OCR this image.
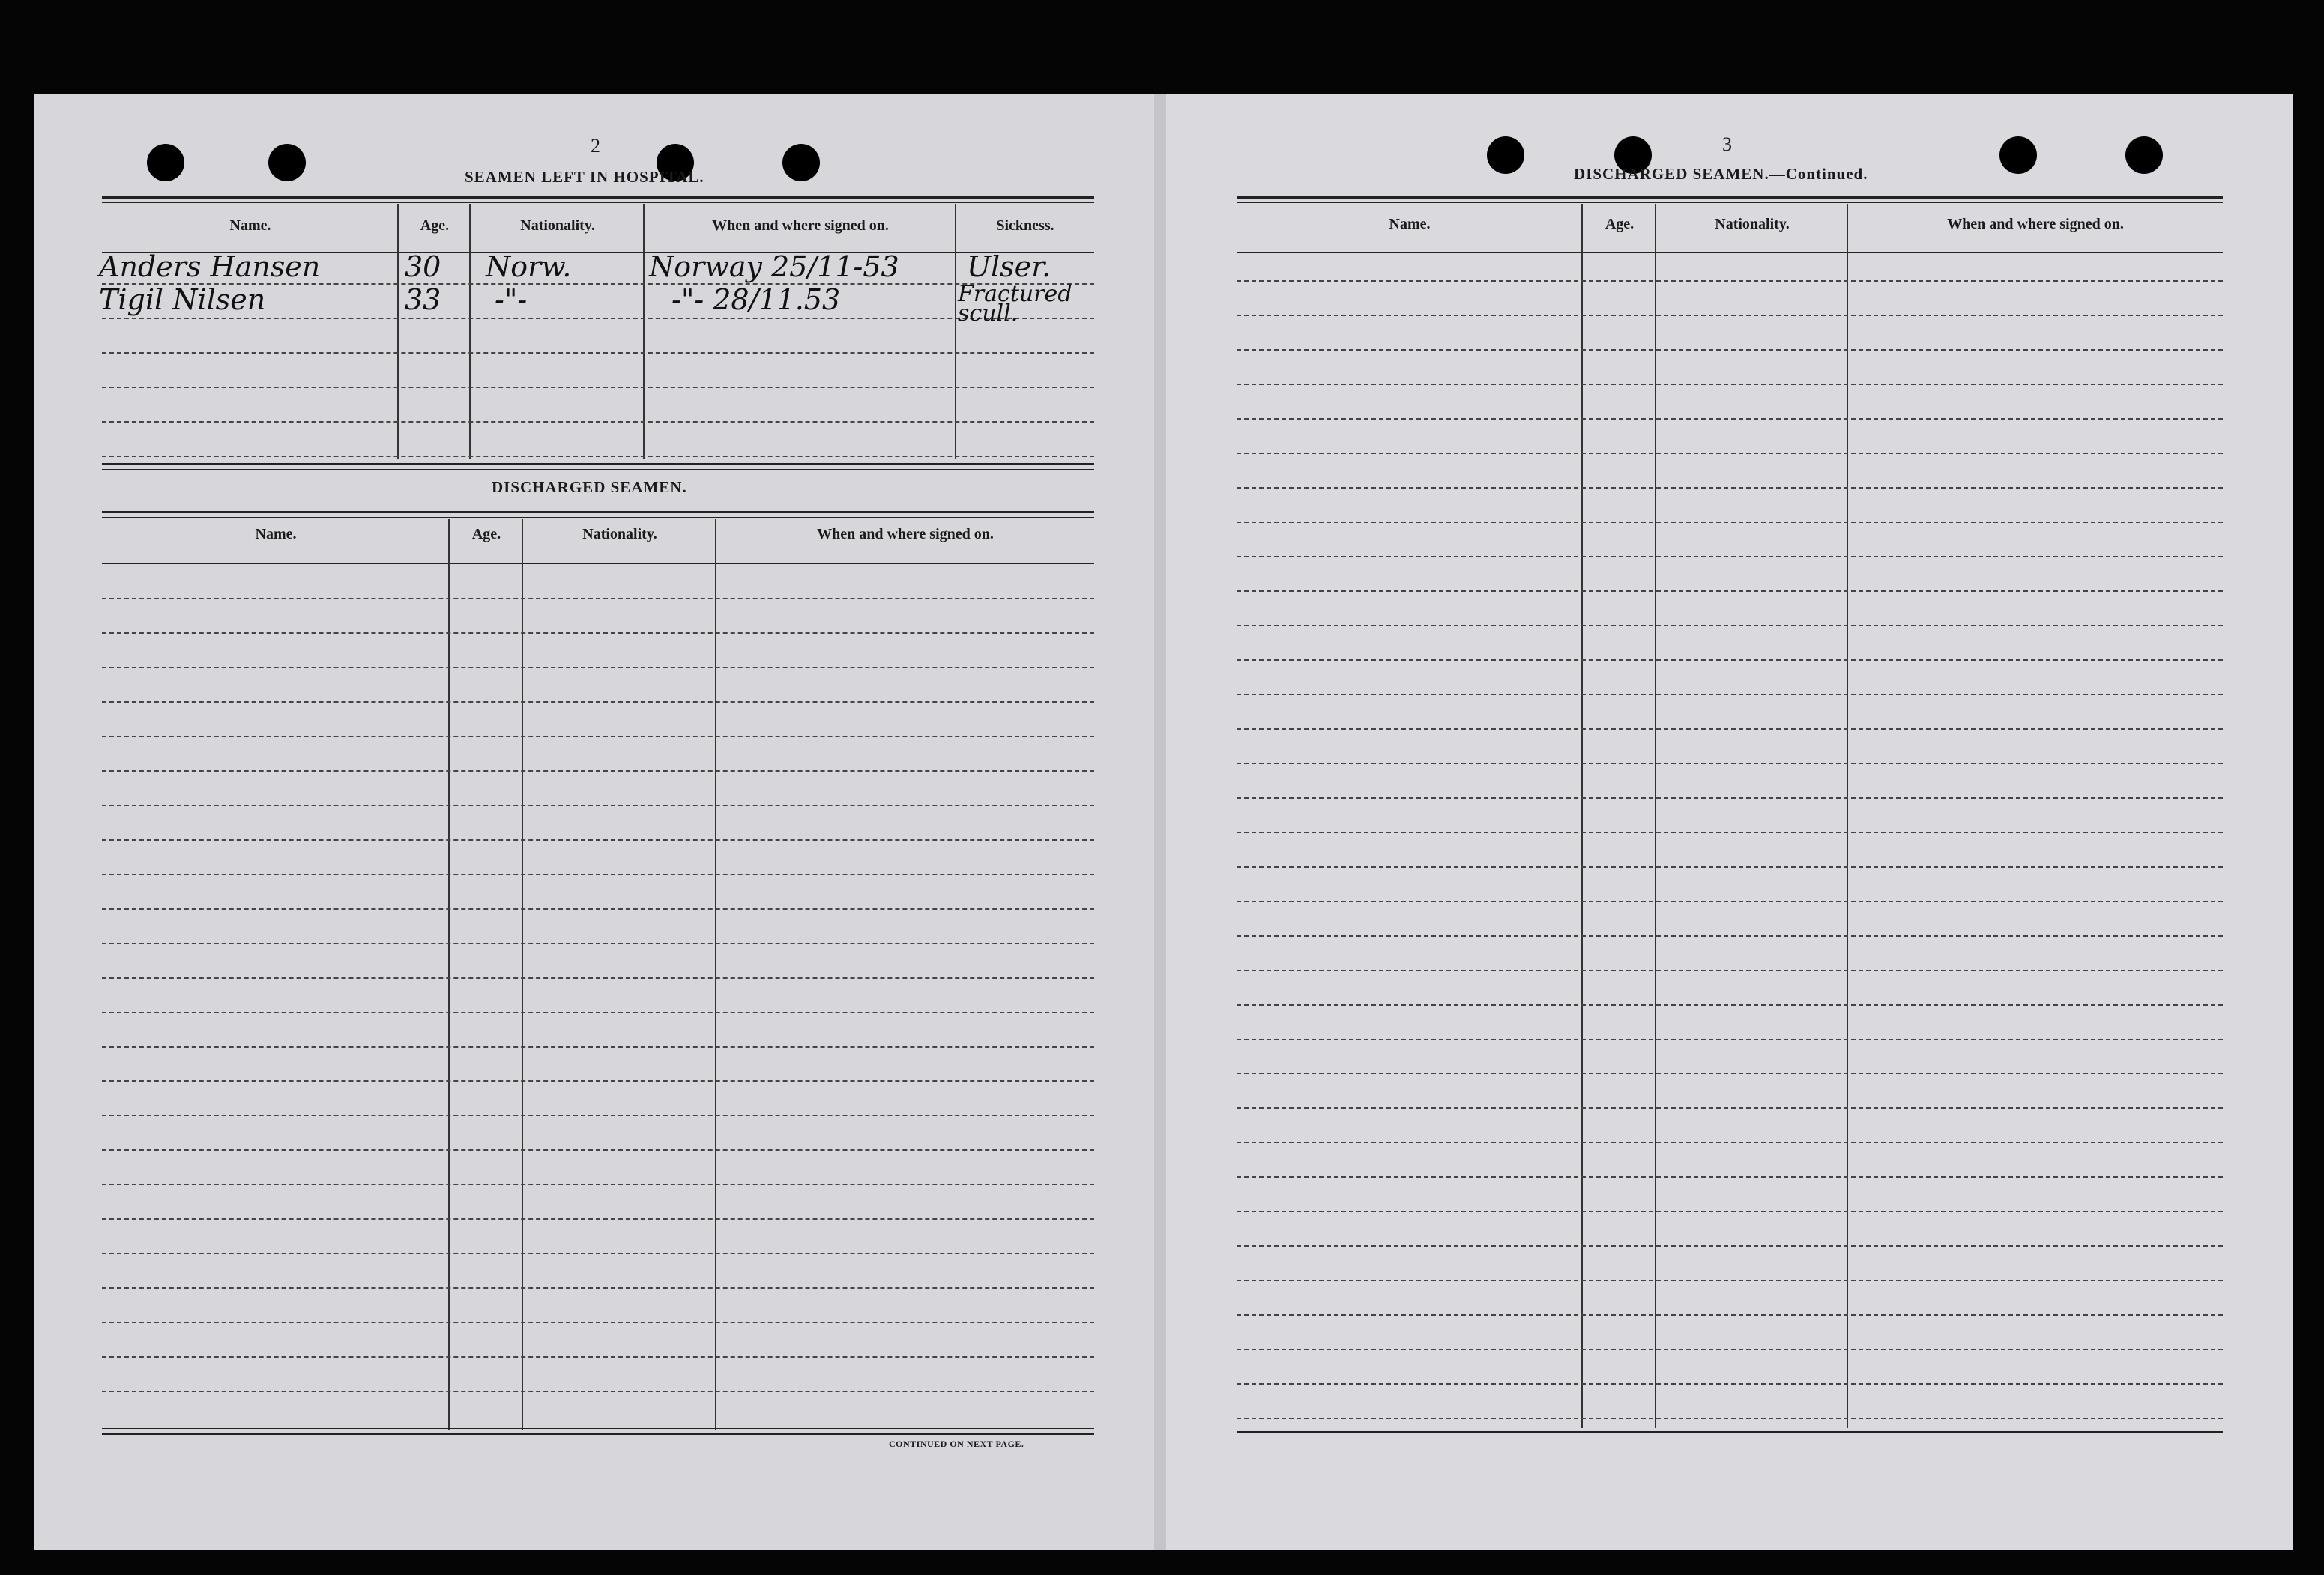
2
SEAMEN LEFT IN HOSPITAL.
Name.	Age.	Nationality.	When and where signed on.	Sickness.
Anders Hansen	30 Norw.	Norway 25/11-53 Ulser.
Tigil Nilsen	33 -"-	-"- 28/11.53	Fractured scull.
DISCHARGED SEAMEN.
Name.	Age.	Nationality.	When and where signed on.
CONTINUED ON NEXT PAGE.
3
DISCHARGED SEAMEN.—Continued.
Name.	Age.	Nationality.	When and where signed on.
